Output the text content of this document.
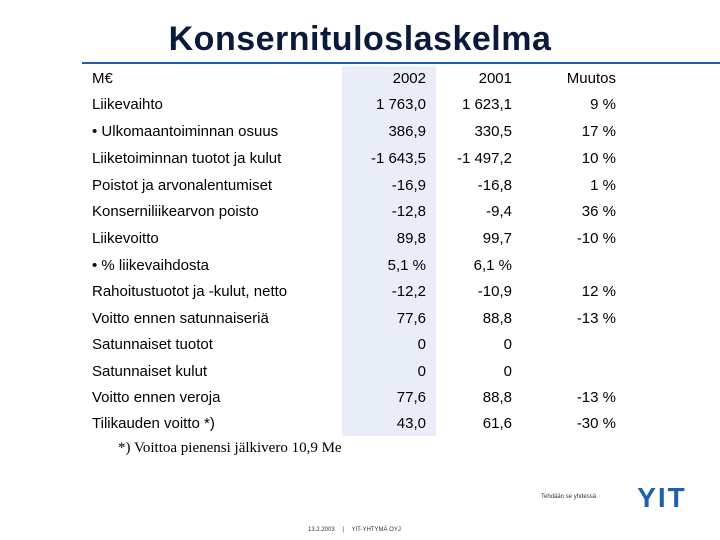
Konsernituloslaskelma
M€	2002	2001	Muutos
Liikevaihto	1 763,0	1 623,1	9 %
• Ulkomaantoiminnan osuus	386,9	330,5	17 %
Liiketoiminnan tuotot ja kulut	-1 643,5	-1 497,2	10 %
Poistot ja arvonalentumiset	-16,9	-16,8	1 %
Konserniliikearvon poisto	-12,8	-9,4	36 %
Liikevoitto	89,8	99,7	-10 %
• % liikevaihdosta	5,1 %	6,1 %
Rahoitustuotot ja -kulut, netto	-12,2	-10,9	12 %
Voitto ennen satunnaiseriä	77,6	88,8	-13 %
Satunnaiset tuotot	0	0
Satunnaiset kulut	0	0
Voitto ennen veroja	77,6	88,8	-13 %
Tilikauden voitto *)	43,0	61,6	-30 %
*) Voittoa pienensi jälkivero 10,9 Me
Tehdään se yhdessä YIT
13.2.2003 | YIT-YHTYMÄ OYJ
